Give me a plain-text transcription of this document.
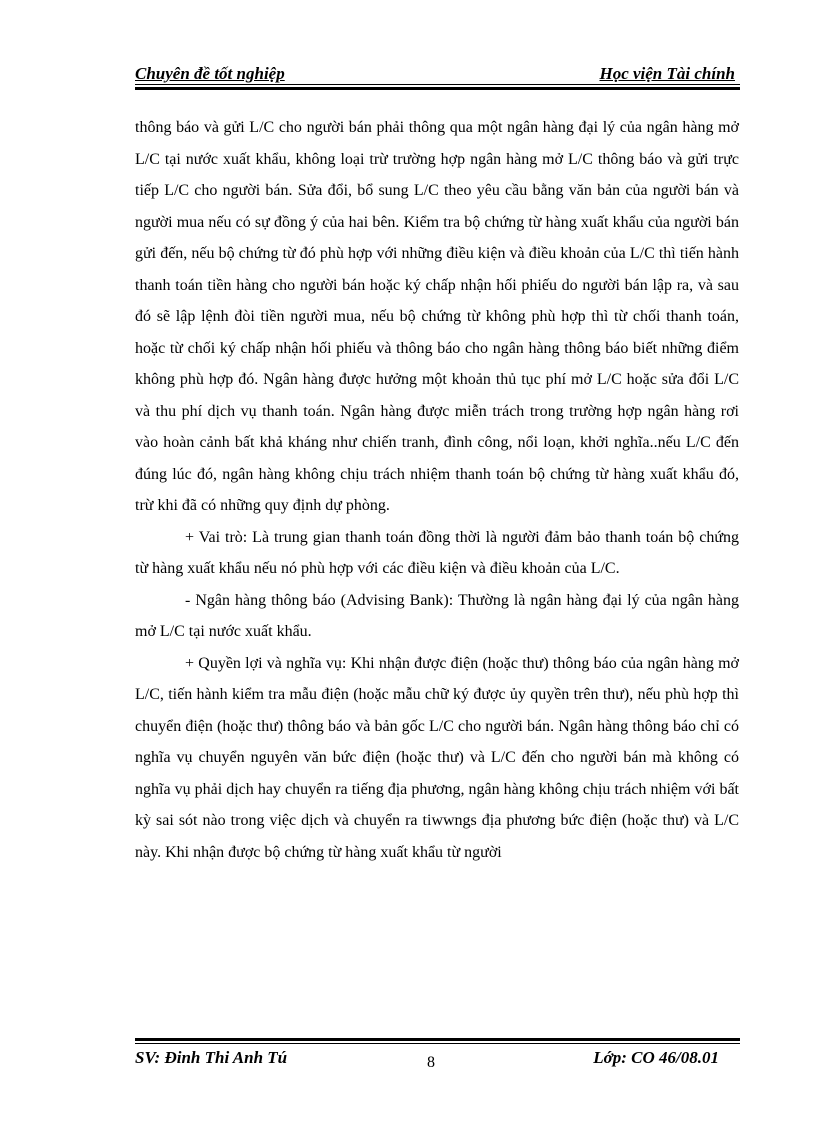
Chuyên đề tốt nghiệp	Học viện Tài chính

thông báo và gửi L/C cho người bán phải thông qua một ngân hàng đại lý của ngân hàng mở L/C tại nước xuất khẩu, không loại trừ trường hợp ngân hàng mở L/C thông báo và gửi trực tiếp L/C cho người bán. Sửa đổi, bổ sung L/C theo yêu cầu bằng văn bản của người bán và người mua nếu có sự đồng ý của hai bên. Kiểm tra bộ chứng từ hàng xuất khẩu của người bán gửi đến, nếu bộ chứng từ đó phù hợp với những điều kiện và điều khoản của L/C thì tiến hành thanh toán tiền hàng cho người bán hoặc ký chấp nhận hối phiếu do người bán lập ra, và sau đó sẽ lập lệnh đòi tiền người mua, nếu bộ chứng từ không phù hợp thì từ chối thanh toán, hoặc từ chối ký chấp nhận hối phiếu và thông báo cho ngân hàng thông báo biết những điểm không phù hợp đó. Ngân hàng được hưởng một khoản thủ tục phí mở L/C hoặc sửa đổi L/C và thu phí dịch vụ thanh toán. Ngân hàng được miễn trách trong trường hợp ngân hàng rơi vào hoàn cảnh bất khả kháng như chiến tranh, đình công, nổi loạn, khởi nghĩa..nếu L/C đến đúng lúc đó, ngân hàng không chịu trách nhiệm thanh toán bộ chứng từ hàng xuất khẩu đó, trừ khi đã có những quy định dự phòng.

+ Vai trò: Là trung gian thanh toán đồng thời là người đảm bảo thanh toán bộ chứng từ hàng xuất khẩu nếu nó phù hợp với các điều kiện và điều khoản của L/C.

- Ngân hàng thông báo (Advising Bank): Thường là ngân hàng đại lý của ngân hàng mở L/C tại nước xuất khẩu.

+ Quyền lợi và nghĩa vụ: Khi nhận được điện (hoặc thư) thông báo của ngân hàng mở L/C, tiến hành kiểm tra mẫu điện (hoặc mẫu chữ ký được ủy quyền trên thư), nếu phù hợp thì chuyển điện (hoặc thư) thông báo và bản gốc L/C cho người bán. Ngân hàng thông báo chỉ có nghĩa vụ chuyển nguyên văn bức điện (hoặc thư) và L/C đến cho người bán mà không có nghĩa vụ phải dịch hay chuyển ra tiếng địa phương, ngân hàng không chịu trách nhiệm với bất kỳ sai sót nào trong việc dịch và chuyển ra tiwwngs địa phương bức điện (hoặc thư) và L/C này. Khi nhận được bộ chứng từ hàng xuất khẩu từ người

SV: Đinh Thi Anh Tú	8	Lớp: CO 46/08.01
